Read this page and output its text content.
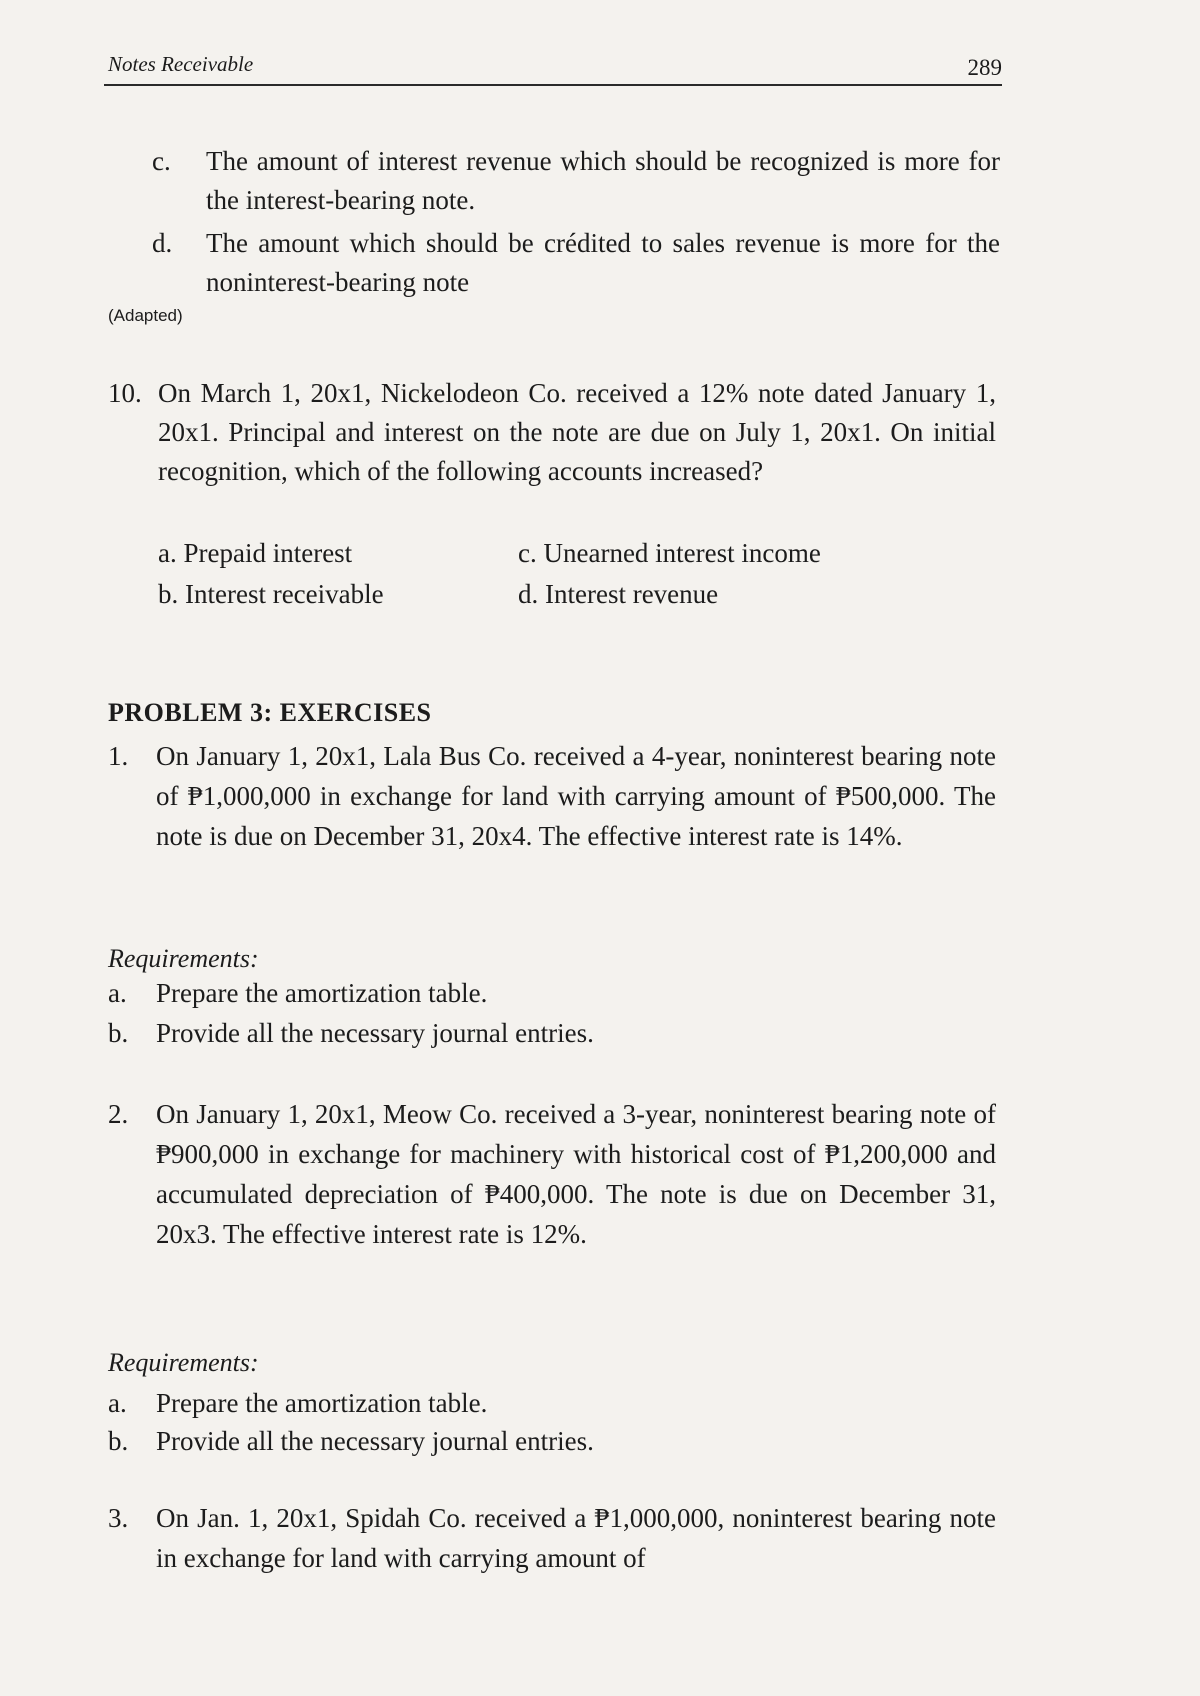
Notes Receivable	289
c.	The amount of interest revenue which should be recognized is more for the interest-bearing note.
d.	The amount which should be crédited to sales revenue is more for the noninterest-bearing note
(Adapted)
10. On March 1, 20x1, Nickelodeon Co. received a 12% note dated January 1, 20x1. Principal and interest on the note are due on July 1, 20x1. On initial recognition, which of the following accounts increased?
a. Prepaid interest	c. Unearned interest income
b. Interest receivable	d. Interest revenue
PROBLEM 3: EXERCISES
1.	On January 1, 20x1, Lala Bus Co. received a 4-year, noninterest bearing note of ₱1,000,000 in exchange for land with carrying amount of ₱500,000. The note is due on December 31, 20x4. The effective interest rate is 14%.
Requirements:
a.	Prepare the amortization table.
b.	Provide all the necessary journal entries.
2.	On January 1, 20x1, Meow Co. received a 3-year, noninterest bearing note of ₱900,000 in exchange for machinery with historical cost of ₱1,200,000 and accumulated depreciation of ₱400,000. The note is due on December 31, 20x3. The effective interest rate is 12%.
Requirements:
a.	Prepare the amortization table.
b.	Provide all the necessary journal entries.
3.	On Jan. 1, 20x1, Spidah Co. received a ₱1,000,000, noninterest bearing note in exchange for land with carrying amount of
